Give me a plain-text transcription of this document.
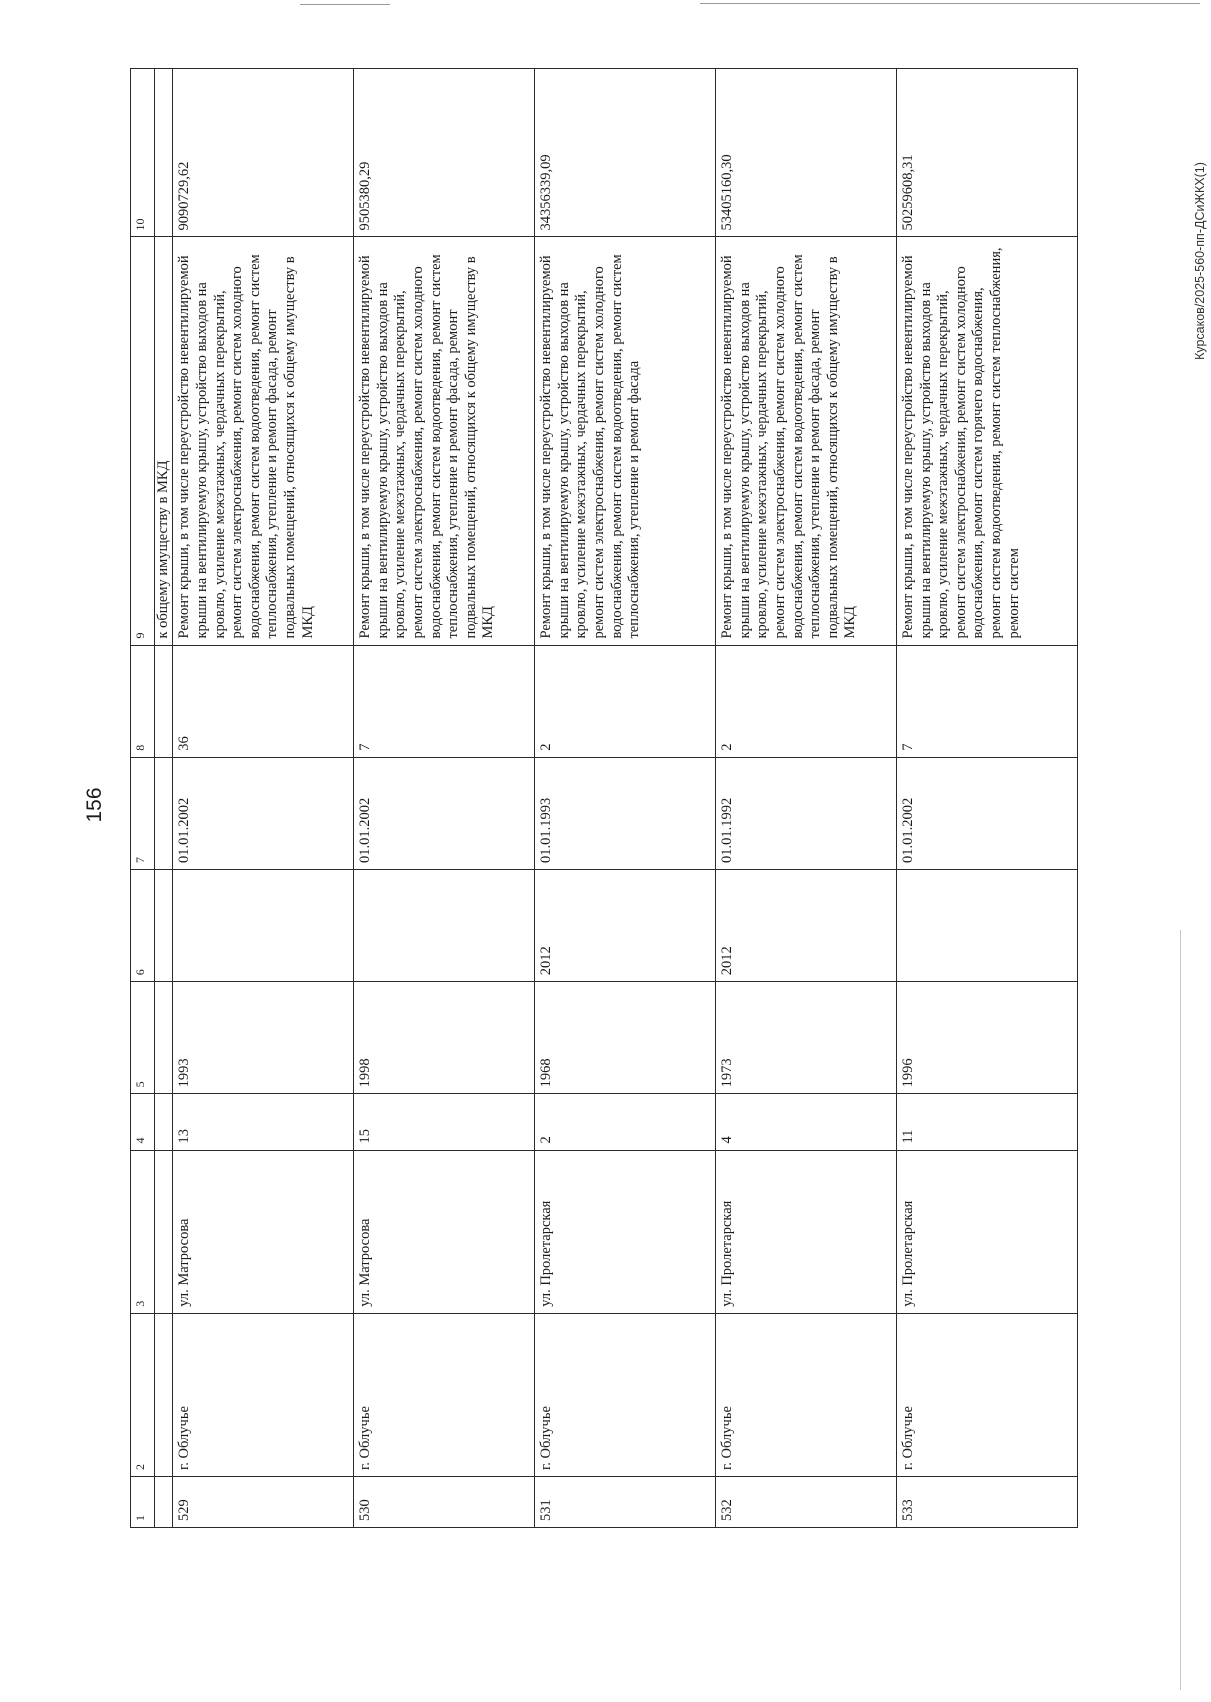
156
1	2	3	4	5	6	7	8	9	10
								к общему имуществу в МКД	
529	г. Облучье	ул. Матросова	13	1993		01.01.2002	36	Ремонт крыши, в том числе переустройство невентилируемой крыши на вентилируемую крышу, устройство выходов на кровлю, усиление межэтажных, чердачных перекрытий, ремонт систем электроснабжения, ремонт систем холодного водоснабжения, ремонт систем водоотведения, ремонт систем теплоснабжения, утепление и ремонт фасада, ремонт подвальных помещений, относящихся к общему имуществу в МКД	9090729,62
530	г. Облучье	ул. Матросова	15	1998		01.01.2002	7	Ремонт крыши, в том числе переустройство невентилируемой крыши на вентилируемую крышу, устройство выходов на кровлю, усиление межэтажных, чердачных перекрытий, ремонт систем электроснабжения, ремонт систем холодного водоснабжения, ремонт систем водоотведения, ремонт систем теплоснабжения, утепление и ремонт фасада, ремонт подвальных помещений, относящихся к общему имуществу в МКД	9505380,29
531	г. Облучье	ул. Пролетарская	2	1968	2012	01.01.1993	2	Ремонт крыши, в том числе переустройство невентилируемой крыши на вентилируемую крышу, устройство выходов на кровлю, усиление межэтажных, чердачных перекрытий, ремонт систем электроснабжения, ремонт систем холодного водоснабжения, ремонт систем водоотведения, ремонт систем теплоснабжения, утепление и ремонт фасада	34356339,09
532	г. Облучье	ул. Пролетарская	4	1973	2012	01.01.1992	2	Ремонт крыши, в том числе переустройство невентилируемой крыши на вентилируемую крышу, устройство выходов на кровлю, усиление межэтажных, чердачных перекрытий, ремонт систем электроснабжения, ремонт систем холодного водоснабжения, ремонт систем водоотведения, ремонт систем теплоснабжения, утепление и ремонт фасада, ремонт подвальных помещений, относящихся к общему имуществу в МКД	53405160,30
533	г. Облучье	ул. Пролетарская	11	1996		01.01.2002	7	Ремонт крыши, в том числе переустройство невентилируемой крыши на вентилируемую крышу, устройство выходов на кровлю, усиление межэтажных, чердачных перекрытий, ремонт систем электроснабжения, ремонт систем холодного водоснабжения, ремонт систем горячего водоснабжения, ремонт систем водоотведения, ремонт систем теплоснабжения, ремонт систем	50259608,31	Курсаков/2025-560-пп-ДСиЖКХ(1)
